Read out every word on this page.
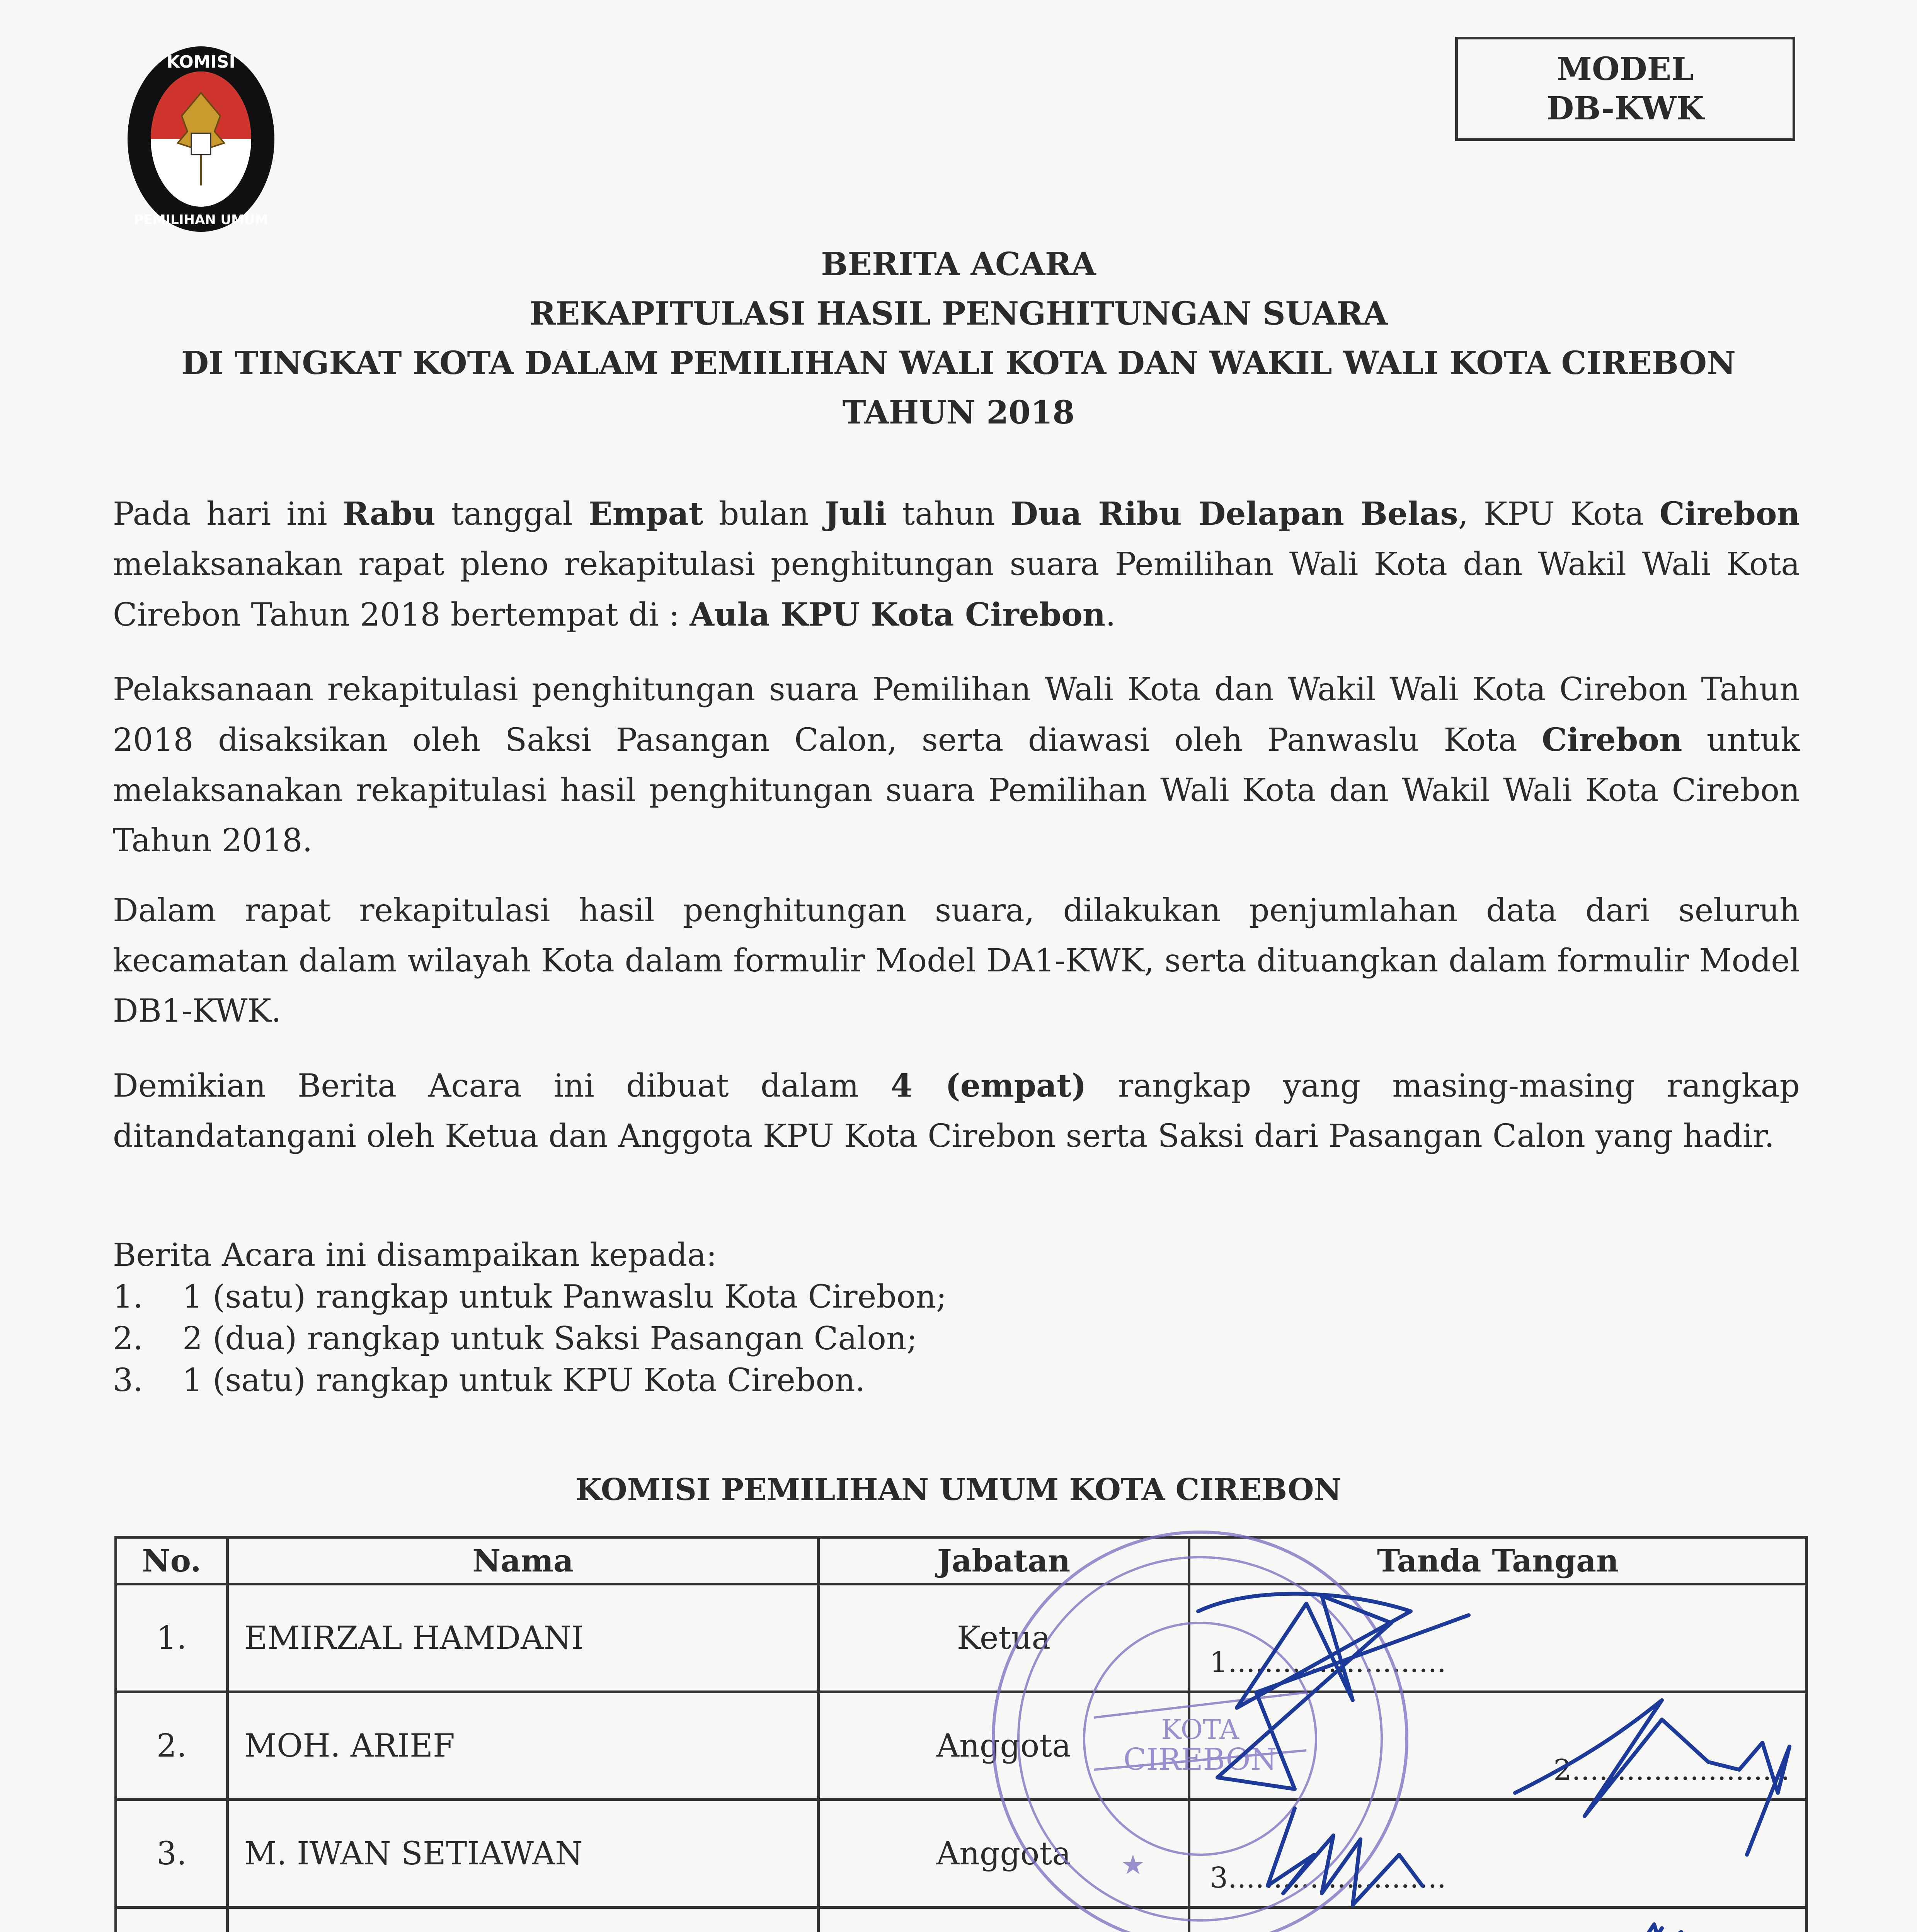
KOMISI
PEMILIHAN UMUM
MODEL
DB-KWK
BERITA ACARA
REKAPITULASI HASIL PENGHITUNGAN SUARA
DI TINGKAT KOTA DALAM PEMILIHAN WALI KOTA DAN WAKIL WALI KOTA CIREBON
TAHUN 2018
Pada hari ini Rabu tanggal Empat bulan Juli tahun Dua Ribu Delapan Belas, KPU Kota Cirebon melaksanakan rapat pleno rekapitulasi penghitungan suara Pemilihan Wali Kota dan Wakil Wali Kota Cirebon Tahun 2018 bertempat di : Aula KPU Kota Cirebon.
Pelaksanaan rekapitulasi penghitungan suara Pemilihan Wali Kota dan Wakil Wali Kota Cirebon Tahun 2018 disaksikan oleh Saksi Pasangan Calon, serta diawasi oleh Panwaslu Kota Cirebon untuk melaksanakan rekapitulasi hasil penghitungan suara Pemilihan Wali Kota dan Wakil Wali Kota Cirebon Tahun 2018.
Dalam rapat rekapitulasi hasil penghitungan suara, dilakukan penjumlahan data dari seluruh kecamatan dalam wilayah Kota dalam formulir Model DA1-KWK, serta dituangkan dalam formulir Model DB1-KWK.
Demikian Berita Acara ini dibuat dalam 4 (empat) rangkap yang masing-masing rangkap ditandatangani oleh Ketua dan Anggota KPU Kota Cirebon serta Saksi dari Pasangan Calon yang hadir.
Berita Acara ini disampaikan kepada:
1.	1 (satu) rangkap untuk Panwaslu Kota Cirebon;
2.	2 (dua) rangkap untuk Saksi Pasangan Calon;
3.	1 (satu) rangkap untuk KPU Kota Cirebon.
KOMISI PEMILIHAN UMUM KOTA CIREBON
No.	Nama	Jabatan	Tanda Tangan
1.	EMIRZAL HAMDANI	Ketua	1........................

2.	MOH. ARIEF	Anggota	2........................

3.	M. IWAN SETIAWAN	Anggota	3........................

KOTA
CIREBON
★
